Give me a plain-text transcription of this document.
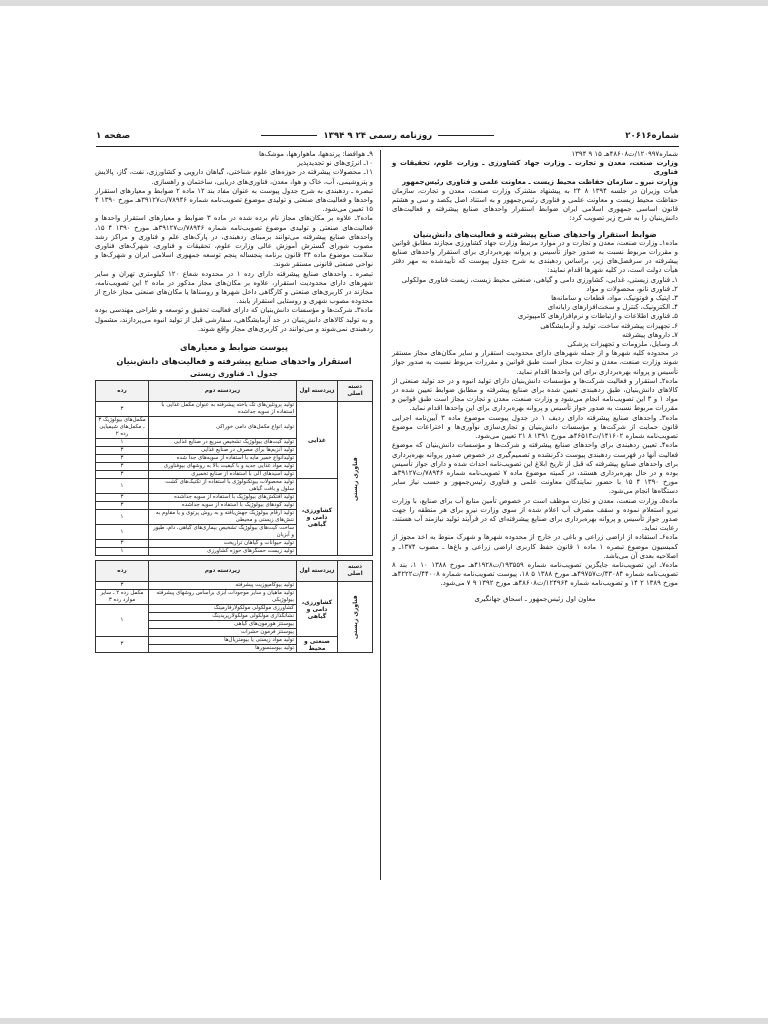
شماره۲۰۶۱۶
روزنامه رسمی ۲۴ ۹ ۱۳۹۴
صفحه ۱

شماره۱۲۰۹۹۷/ت۴۸۶۰۸هـ ۱۵ ۹ ۱۳۹۴

وزارت صنعت، معدن و تجارت ـ وزارت جهاد کشاورزی ـ وزارت علوم، تحقیقات و فناوری

وزارت نیرو ـ سازمان حفاظت محیط زیست ـ معاونت علمی و فناوری رئیس‌جمهور

هیأت وزیران در جلسه ۱۳۹۴ ۸ ۲۴ به پیشنهاد مشترک وزارت صنعت، معدن و تجارت، سازمان حفاظت محیط زیست و معاونت علمی و فناوری رئیس‌جمهور و به استناد اصل یکصد و سی و هشتم قانون اساسی جمهوری اسلامی ایران ضوابط استقرار واحدهای صنایع پیشرفته و فعالیت‌های دانش‌بنیان را به شرح زیر تصویب کرد:

ضوابط استقرار واحدهای صنایع پیشرفته و فعالیت‌های دانش‌بنیان

ماده۱ـ وزارت صنعت، معدن و تجارت و در موارد مرتبط وزارت جهاد کشاورزی مجازند مطابق قوانین و مقررات مربوط نسبت به صدور جواز تأسیس و پروانه بهره‌برداری برای استقرار واحدهای صنایع پیشرفته در سرفصل‌های زیر، براساس ردهبندی به شرح جدول پیوست که تأییدشده به مهر دفتر هیأت دولت است، در کلیه شهرها اقدام نمایند:

۱ـ فناوری زیستی، غذایی، کشاورزی دامی و گیاهی، صنعتی محیط زیست، زیست فناوری مولکولی

۲ـ فناوری نانو، محصولات و مواد

۳ـ اپتیک و فوتونیک، مواد، قطعات و سامانه‌ها

۴ـ الکترونیک، کنترل و سخت‌افزارهای رایانه‌ای

۵ـ فناوری اطلاعات و ارتباطات و نرم‌افزارهای کامپیوتری

۶ـ تجهیزات پیشرفته ساخت، تولید و آزمایشگاهی

۷ـ داروهای پیشرفته

۸ـ وسایل، ملزومات و تجهیزات پزشکی

در محدوده کلیه شهرها و از جمله شهرهای دارای محدودیت استقرار و سایر مکان‌های مجاز مستقر شوند وزارت صنعت، معدن و تجارت مجاز است طبق قوانین و مقررات مربوط نسبت به صدور جواز تأسیس و پروانه بهره‌برداری برای این واحدها اقدام نماید.

ماده۲ـ استقرار و فعالیت شرکت‌ها و مؤسسات دانش‌بنیان دارای تولید انبوه و در حد تولید صنعتی از کالاهای دانش‌بنیان، طبق ردهبندی تعیین شده برای صنایع پیشرفته و مطابق ضوابط تعیین شده در مواد ۱ و ۳ این تصویب‌نامه انجام می‌شود و وزارت صنعت، معدن و تجارت مجاز است طبق قوانین و مقررات مربوط نسبت به صدور جواز تأسیس و پروانه بهره‌برداری برای این واحدها اقدام نماید.

ماده۳ـ واحدهای صنایع پیشرفته دارای ردیف ۱ در جدول پیوست موضوع ماده ۳ آیین‌نامه اجرایی قانون حمایت از شرکت‌ها و مؤسسات دانش‌بنیان و تجاری‌سازی نوآوری‌ها و اختراعات موضوع تصویب‌نامه شماره ۱۴۱۶۰۲/ت۴۶۵۱۳هـ مورخ ۱۳۹۱ ۸ ۲۱ تعیین می‌شود.

ماده۴ـ تعیین ردهبندی برای واحدهای صنایع پیشرفته و شرکت‌ها و مؤسسات دانش‌بنیان که موضوع فعالیت آنها در فهرست ردهبندی پیوست ذکرنشده و تصمیم‌گیری در خصوص صدور پروانه بهره‌برداری برای واحدهای صنایع پیشرفته که قبل از تاریخ ابلاغ این تصویب‌نامه احداث شده و دارای جواز تأسیس بوده و در حال بهره‌برداری هستند، در کمیته موضوع ماده ۷ تصویب‌نامه شماره ۷۸۹۴۶/ت۳۹۱۲۷هـ مورخ ۱۳۹۰ ۴ ۱۵ با حضور نمایندگان معاونت علمی و فناوری رئیس‌جمهور و حسب نیاز سایر دستگاه‌ها انجام می‌شود.

ماده۵ـ وزارت صنعت، معدن و تجارت موظف است در خصوص تأمین منابع آب برای صنایع، با وزارت نیرو استعلام نموده و سقف مصرف آب اعلام شده از سوی وزارت نیرو برای هر منطقه را جهت صدور جواز تأسیس و پروانه بهره‌برداری برای صنایع پیشرفته‌ای که در فرآیند تولید نیازمند آب هستند، رعایت نماید.

ماده۶ـ استفاده از اراضی زراعی و باغی در خارج از محدوده شهرها و شهرک منوط به اخذ مجوز از کمیسیون موضوع تبصره ۱ ماده ۱ قانون حفظ کاربری اراضی زراعی و باغ‌ها ـ مصوب ۱۳۷۴ـ و اصلاحیه بعدی آن می‌باشد.

ماده۷ـ این تصویب‌نامه جایگزین تصویب‌نامه شماره ۱۹۳۵۵۹/ت۴۱۹۲۸هـ مورخ ۱۳۸۸ ۱۰ ۱، بند ۸ تصویب‌نامه شماره ۴۳۰۸۴/ت۴۹۷۵۷هـ مورخ ۱۳۸۸ ۵ ۱۸، پیوست تصویب‌نامه شماره ۴۴۰۰۸/ت۴۲۲۲هـ مورخ ۱۳۸۹ ۲ ۱۴ و تصویب‌نامه شماره ۱۲۴۹۶۴/ت۴۸۶۰۸هـ مورخ ۱۳۹۲ ۹ ۷ می‌شود.

معاون اول رئیس‌جمهور ـ اسحاق جهانگیری

۹ـ هوافضا: پرندهها، ماهوارهها، موشک‌ها

۱۰ـ انرژی‌های نو تجدیدپذیر

۱۱ـ محصولات پیشرفته در حوزه‌های علوم شناختی، گیاهان دارویی و کشاورزی، نفت، گاز، پالایش و پتروشیمی، آب، خاک و هوا، معدن، فناوری‌های دریایی، ساختمان و راهسازی.

تبصره ـ ردهبندی به شرح جدول پیوست به عنوان مفاد بند ۱۲ ماده ۲ ضوابط و معیارهای استقرار واحدها و فعالیت‌های صنعتی و تولیدی موضوع تصویب‌نامه شماره ۷۸۹۴۶/ت۳۹۱۲۷هـ مورخ ۱۳۹۰ ۴ ۱۵ تعیین می‌شود.

ماده۲ـ علاوه بر مکان‌های مجاز نام برده شده در ماده ۳ ضوابط و معیارهای استقرار واحدها و فعالیت‌های صنعتی و تولیدی موضوع تصویب‌نامه شماره ۷۸۹۴۶/ت۳۹۱۲۷هـ مورخ ۱۳۹۰ ۴ ۱۵، واحدهای صنایع پیشرفته می‌توانند برمبنای ردهبندی، در پارک‌های علم و فناوری و مراکز رشد مصوب شورای گسترش آموزش عالی وزارت علوم، تحقیقات و فناوری، شهرک‌های فناوری سلامت موضوع ماده ۳۴ قانون برنامه پنجساله پنجم توسعه جمهوری اسلامی ایران و شهرک‌ها و نواحی صنعتی قانونی مستقر شوند.

تبصره ـ واحدهای صنایع پیشرفته دارای رده ۱ در محدوده شعاع ۱۲۰ کیلومتری تهران و سایر شهرهای دارای محدودیت استقرار، علاوه بر مکان‌های مجاز مذکور در ماده ۲ این تصویب‌نامه، مجازند در کاربری‌های صنعتی و کارگاهی داخل شهرها و روستاها یا مکان‌های صنعتی مجاز خارج از محدوده مصوب شهری و روستایی استقرار یابند.

ماده۳ـ شرکت‌ها و مؤسسات دانش‌بنیان که دارای فعالیت تحقیق و توسعه و طراحی مهندسی بوده و به تولید کالاهای دانش‌بنیان در حد آزمایشگاهی، سفارشی قبل از تولید انبوه می‌پردازند، مشمول ردهبندی نمی‌شوند و می‌توانند در کاربری‌های مجاز واقع شوند.

پیوست ضوابط و معیارهای
استقرار واحدهای صنایع پیشرفته و فعالیت‌های دانش‌بنیان
جدول ۱ـ فناوری زیستی
دسته اصلی	زیردسته اول	زیردسته دوم	رده
فناوری زیستی	غذایی	تولید پروتئین‌های تک یاخته پیشرفته به عنوان مکمل غذایی با استفاده از سویه جداشده	۳
		تولید انواع مکمل‌های دامی خوراکی	مکمل‌های بیولوژیک ۳ ـ مکمل‌های شیمیایی رده ۲
		تولید کیت‌های بیولوژیک تشخیص سریع در صنایع غذایی	۱
		تولید آنزیم‌ها برای مصرف در صنایع غذایی	۳
		تولیدانواع خمیر مایه با استفاده از سویه‌های جدا شده	۳
		تولید مواد غذایی جدید و با کیفیت بالا به روشهای بیوفناوری	۳
		تولید اسیدهای آلی با استفاده از صنایع تخمیری	۳
	کشاورزی، دامی و گیاهی	تولید محصولات بیوتکنولوژی با استفاده از تکنیک‌های کشت سلول و بافت گیاهی	۱
		تولید آفتکش‌های بیولوژیک با استفاده از سویه جداشده	۳
		تولید کودهای بیولوژیک با استفاده از سویه جداشده	۳
		تولید ارقام بیولوژیک جهش‌یافته و به روش پرتوی و یا مقاوم به تنش‌های زیستی و محیطی	۱
		ساخت کیت‌های بیولوژیک تشخیص بیماری‌های گیاهی، دام، طیور و آبزیان	۱
		تولید حیوانات و گیاهان تراریخت	۳
		تولید زیست حسگرهای حوزه کشاورزی	۱
دسته اصلی	زیردسته اول	زیردسته دوم	رده
فناوری زیستی	کشاورزی، دامی و گیاهی	تولید بیوکامپوزیت پیشرفته	۳
		تولید ماهیان و سایر موجودات آبزی براساس روشهای پیشرفته بیولوژیکی	مکمل رده ۲ ـ سایر موارد رده ۳
		کشاورزی مولکولی مولکولارفارمینگ	۱
		نشانگذاری مولکولی مولکولارپریدینگ	
		بیوسنتز هورمون‌های گیاهی	
		بیوسنتز فرمون حشرات	
	صنعتی و محیط	تولید مواد زیستی یا بیومتریال‌ها	۳
		تولید بیوسنسورها	
